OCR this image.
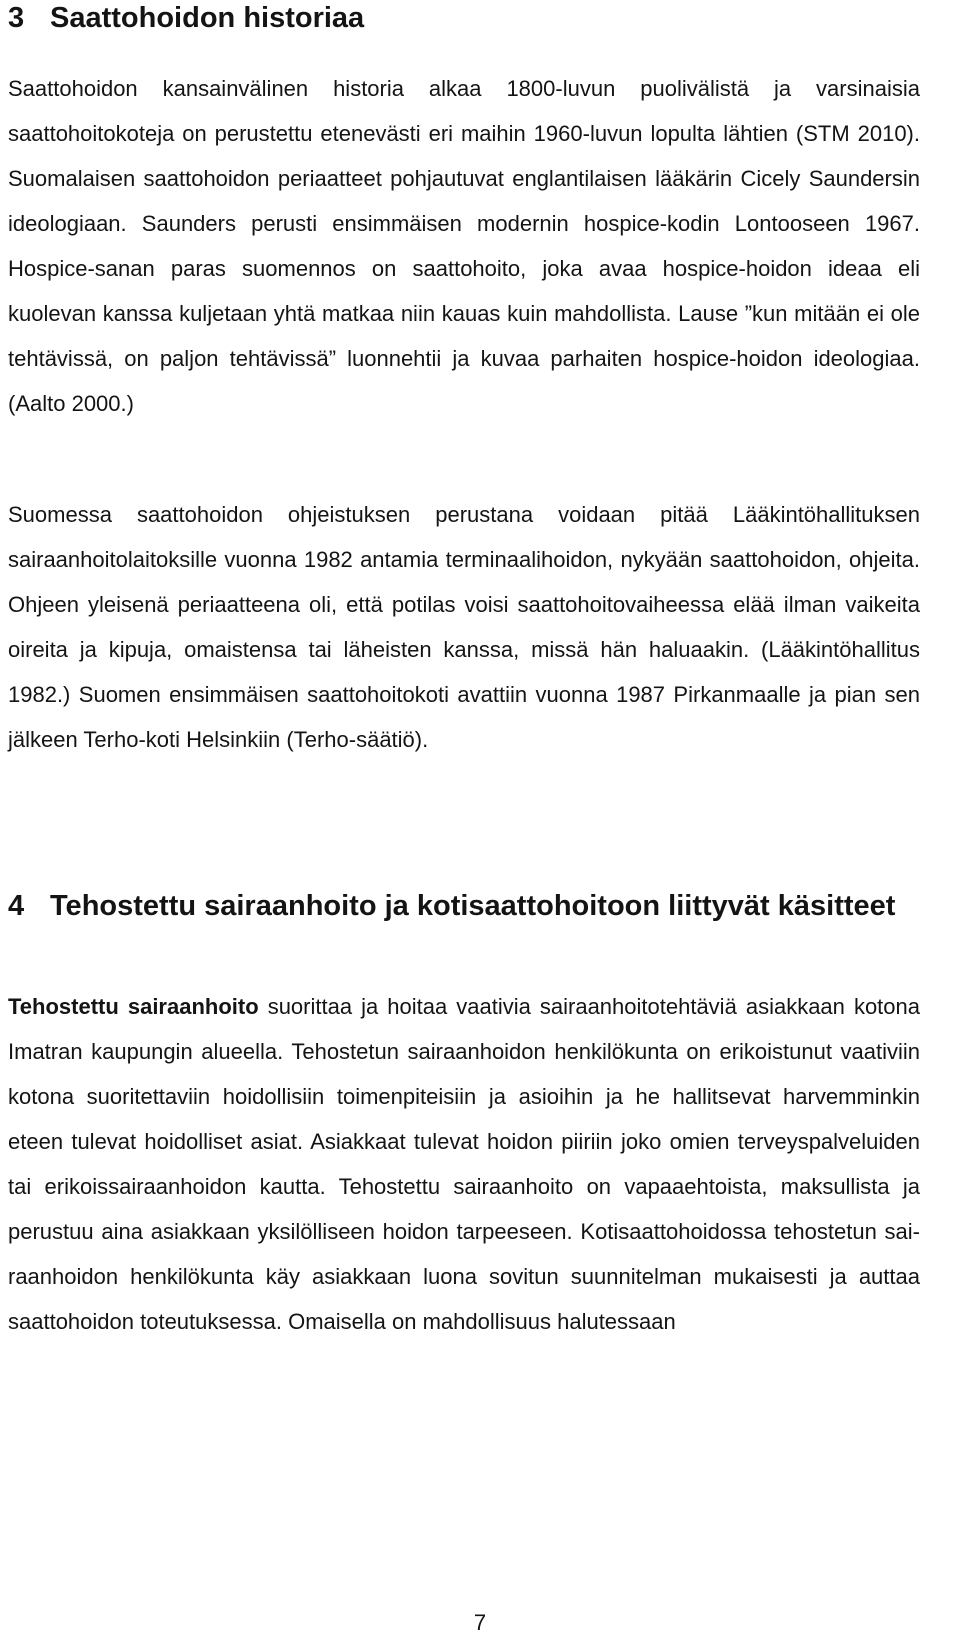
3 Saattohoidon historiaa

Saattohoidon kansainvälinen historia alkaa 1800-luvun puolivälistä ja varsinaisia saattohoitokoteja on perustettu etenevästi eri maihin 1960-luvun lopulta lähtien (STM 2010). Suomalaisen saattohoidon periaatteet pohjautuvat englantilaisen lääkärin Cicely Saundersin ideologiaan. Saunders perusti ensimmäisen modernin hospice-kodin Lontooseen 1967. Hospice-sanan paras suomennos on saattohoito, joka avaa hospice-hoidon ideaa eli kuolevan kanssa kuljetaan yhtä matkaa niin kauas kuin mahdollista. Lause ”kun mitään ei ole tehtävissä, on paljon tehtävissä” luonnehtii ja kuvaa parhaiten hospice-hoidon ideologiaa. (Aalto 2000.)

Suomessa saattohoidon ohjeistuksen perustana voidaan pitää Lääkintöhallituksen sairaanhoitolaitoksille vuonna 1982 antamia terminaalihoidon, nykyään saattohoidon, ohjeita. Ohjeen yleisenä periaatteena oli, että potilas voisi saattohoitovaiheessa elää ilman vaikeita oireita ja kipuja, omaistensa tai läheisten kanssa, missä hän haluaakin. (Lääkintöhallitus 1982.) Suomen ensimmäisen saattohoitokoti avattiin vuonna 1987 Pirkanmaalle ja pian sen jälkeen Terho-koti Helsinkiin (Terho-säätiö).

4 Tehostettu sairaanhoito ja kotisaattohoitoon liittyvät käsitteet

Tehostettu sairaanhoito suorittaa ja hoitaa vaativia sairaanhoitotehtäviä asiakkaan kotona Imatran kaupungin alueella. Tehostetun sairaanhoidon henkilökunta on erikoistunut vaativiin kotona suoritettaviin hoidollisiin toimenpiteisiin ja asioihin ja he hallitsevat harvemminkin eteen tulevat hoidolliset asiat. Asiakkaat tulevat hoidon piiriin joko omien terveyspalveluiden tai erikoissairaanhoidon kautta. Tehostettu sairaanhoito on vapaaehtoista, maksullista ja perustuu aina asiakkaan yksilölliseen hoidon tarpeeseen. Kotisaattohoidossa tehostetun sairaanhoidon henkilökunta käy asiakkaan luona sovitun suunnitelman mukaisesti ja auttaa saattohoidon toteutuksessa. Omaisella on mahdollisuus halutessaan

7
